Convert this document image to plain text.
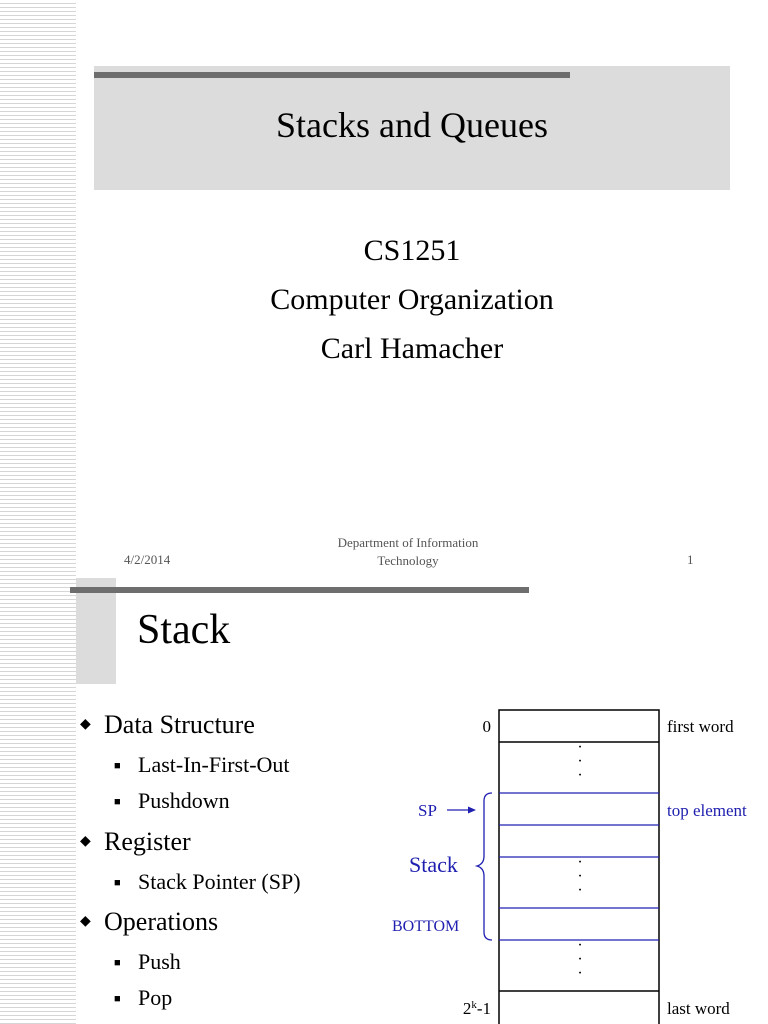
Stacks and Queues
CS1251
Computer Organization
Carl Hamacher
4/2/2014
Department of Information
Technology	1
Stack
◆ Data Structure
■ Last-In-First-Out
■ Pushdown
◆ Register
■ Stack Pointer (SP)
◆ Operations
■ Push
■ Pop
·
·
·
·
·
·
·
·
·
0
2$^k$-1
first word
top element
last word
SP
Stack
BOTTOM
